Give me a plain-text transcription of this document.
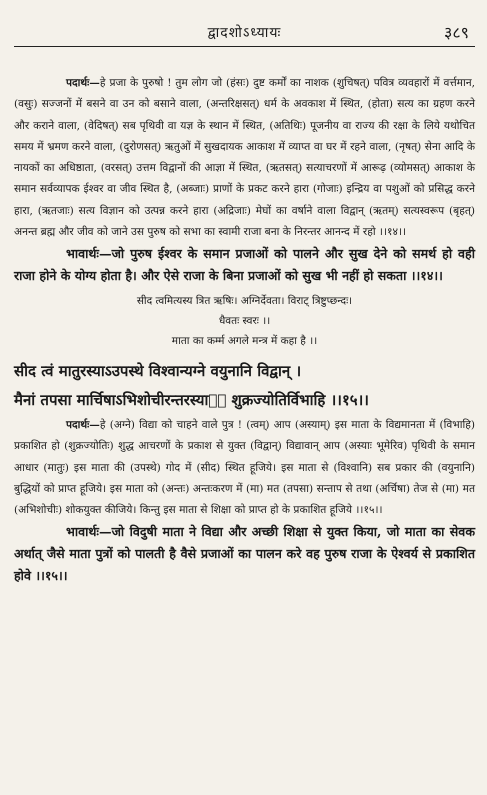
द्वादशोऽध्यायः	३८९

पदार्थः—हे प्रजा के पुरुषो ! तुम लोग जो (हंसः) दुष्ट कर्मों का नाशक (शुचिषत्) पवित्र व्यवहारों में वर्त्तमान, (वसुः) सज्जनों में बसने वा उन को बसाने वाला, (अन्तरिक्षसत्) धर्म के अवकाश में स्थित, (होता) सत्य का ग्रहण करने और कराने वाला, (वेदिषत्) सब पृथिवी वा यज्ञ के स्थान में स्थित, (अतिथिः) पूजनीय वा राज्य की रक्षा के लिये यथोचित समय में भ्रमण करने वाला, (दुरोणसत्) ऋतुओं में सुखदायक आकाश में व्याप्त वा घर में रहने वाला, (नृषत्) सेना आदि के नायकों का अधिष्ठाता, (वरसत्) उत्तम विद्वानों की आज्ञा में स्थित, (ऋतसत्) सत्याचरणों में आरूढ़ (व्योमसत्) आकाश के समान सर्वव्यापक ईश्वर वा जीव स्थित है, (अब्जाः) प्राणों के प्रकट करने हारा (गोजाः) इन्द्रिय वा पशुओं को प्रसिद्ध करने हारा, (ऋतजाः) सत्य विज्ञान को उत्पन्न करने हारा (अद्रिजाः) मेघों का वर्षाने वाला विद्वान् (ऋतम्) सत्यस्वरूप (बृहत्) अनन्त ब्रह्म और जीव को जाने उस पुरुष को सभा का स्वामी राजा बना के निरन्तर आनन्द में रहो ।।१४।।

भावार्थः—जो पुरुष ईश्वर के समान प्रजाओं को पालने और सुख देने को समर्थ हो वही राजा होने के योग्य होता है। और ऐसे राजा के बिना प्रजाओं को सुख भी नहीं हो सकता ।।१४।।

सीद त्वमित्यस्य त्रित ऋषिः। अग्निर्देवता। विराट् त्रिष्टुप्छन्दः।

धैवतः स्वरः ।।

माता का कर्म्म अगले मन्त्र में कहा है ।।

सीद त्वं मातुरस्याऽउपस्थे विश्वान्यग्ने वयुनानि विद्वान् ।

मैनां तपसा मार्चिषाऽभिशोचीरन्तरस्याᳫं शुक्रज्योतिर्विभाहि ।।१५।।

पदार्थः—हे (अग्ने) विद्या को चाहने वाले पुत्र ! (त्वम्) आप (अस्याम्) इस माता के विद्यमानता में (विभाहि) प्रकाशित हो (शुक्रज्योतिः) शुद्ध आचरणों के प्रकाश से युक्त (विद्वान्) विद्यावान् आप (अस्याः भूमेरिव) पृथिवी के समान आधार (मातुः) इस माता की (उपस्थे) गोद में (सीद) स्थित हूजिये। इस माता से (विश्वानि) सब प्रकार की (वयुनानि) बुद्धियों को प्राप्त हूजिये। इस माता को (अन्तः) अन्तःकरण में (मा) मत (तपसा) सन्ताप से तथा (अर्चिषा) तेज से (मा) मत (अभिशोचीः) शोकयुक्त कीजिये। किन्तु इस माता से शिक्षा को प्राप्त हो के प्रकाशित हूजिये ।।१५।।

भावार्थः—जो विदुषी माता ने विद्या और अच्छी शिक्षा से युक्त किया, जो माता का सेवक अर्थात् जैसे माता पुत्रों को पालती है वैसे प्रजाओं का पालन करे वह पुरुष राजा के ऐश्वर्य से प्रकाशित होवे ।।१५।।
